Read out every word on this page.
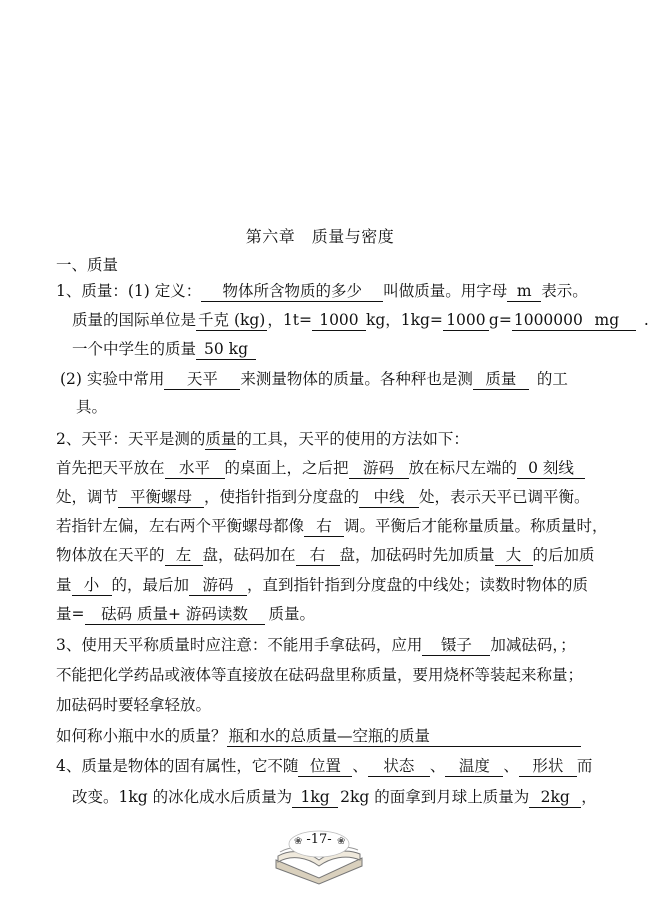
第六章　质量与密度
一、质量
1、质量：(1) 定义： 物体所含物质的多少 叫做质量。用字母 m 表示。
质量的国际单位是 千克 (kg) ，1t= 1000 kg，1kg= 1000 g= 1000000 mg .
一个中学生的质量 50 kg
(2) 实验中常用 天平 来测量物体的质量。各种秤也是测 质量 的工
具。
2、天平：天平是测的质量的工具，天平的使用的方法如下：
首先把天平放在 水平 的桌面上，之后把 游码 放在标尺左端的 0 刻线
处，调节 平衡螺母 ，使指针指到分度盘的 中线 处，表示天平已调平衡。
若指针左偏，左右两个平衡螺母都像 右 调。平衡后才能称量质量。称质量时，
物体放在天平的 左 盘，砝码加在 右 盘，加砝码时先加质量 大 的后加质
量 小 的，最后加 游码 ，直到指针指到分度盘的中线处；读数时物体的质
量= 砝码 质量+ 游码读数 质量。
3、使用天平称质量时应注意：不能用手拿砝码，应用 镊子 加减砝码，；
不能把化学药品或液体等直接放在砝码盘里称质量，要用烧杯等装起来称量；
加砝码时要轻拿轻放。
如何称小瓶中水的质量？ 瓶和水的总质量—空瓶的质量
4、质量是物体的固有属性，它不随 位置 、 状态 、 温度 、 形状 而
改变。1kg 的冰化成水后质量为 1kg 2kg 的面拿到月球上质量为 2kg ，
❀	❀
-17-
